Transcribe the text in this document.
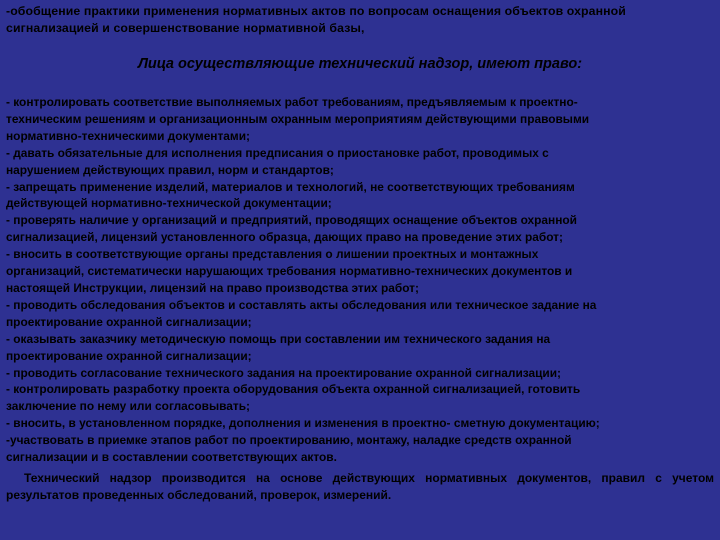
-обобщение практики применения нормативных актов по вопросам оснащения объектов охранной
сигнализацией и совершенствование нормативной базы,
Лица осуществляющие технический надзор, имеют право:
- контролировать соответствие выполняемых работ требованиям, предъявляемым к проектно-
техническим решениям и организационным охранным мероприятиям действующими правовыми
нормативно-техническими документами;
- давать обязательные для исполнения предписания о приостановке работ, проводимых с
нарушением действующих правил, норм и стандартов;
- запрещать применение изделий, материалов и технологий, не соответствующих требованиям
действующей нормативно-технической документации;
- проверять наличие у организаций и предприятий, проводящих оснащение объектов охранной
сигнализацией, лицензий установленного образца, дающих право на проведение этих работ;
- вносить в соответствующие органы представления о лишении проектных и монтажных
организаций, систематически нарушающих требования нормативно-технических документов и
настоящей Инструкции, лицензий на право производства этих работ;
- проводить обследования объектов и составлять акты обследования или техническое задание на
проектирование охранной сигнализации;
- оказывать заказчику методическую помощь при составлении им технического задания на
проектирование охранной сигнализации;
- проводить согласование технического задания на проектирование охранной сигнализации;
- контролировать разработку проекта оборудования объекта охранной сигнализацией, готовить
заключение по нему или согласовывать;
- вносить, в установленном порядке, дополнения и изменения в проектно- сметную документацию;
-участвовать в приемке этапов работ по проектированию, монтажу, наладке средств охранной
сигнализации и в составлении соответствующих актов.
Технический надзор производится на основе действующих нормативных документов, правил с учетом результатов проведенных обследований, проверок, измерений.
